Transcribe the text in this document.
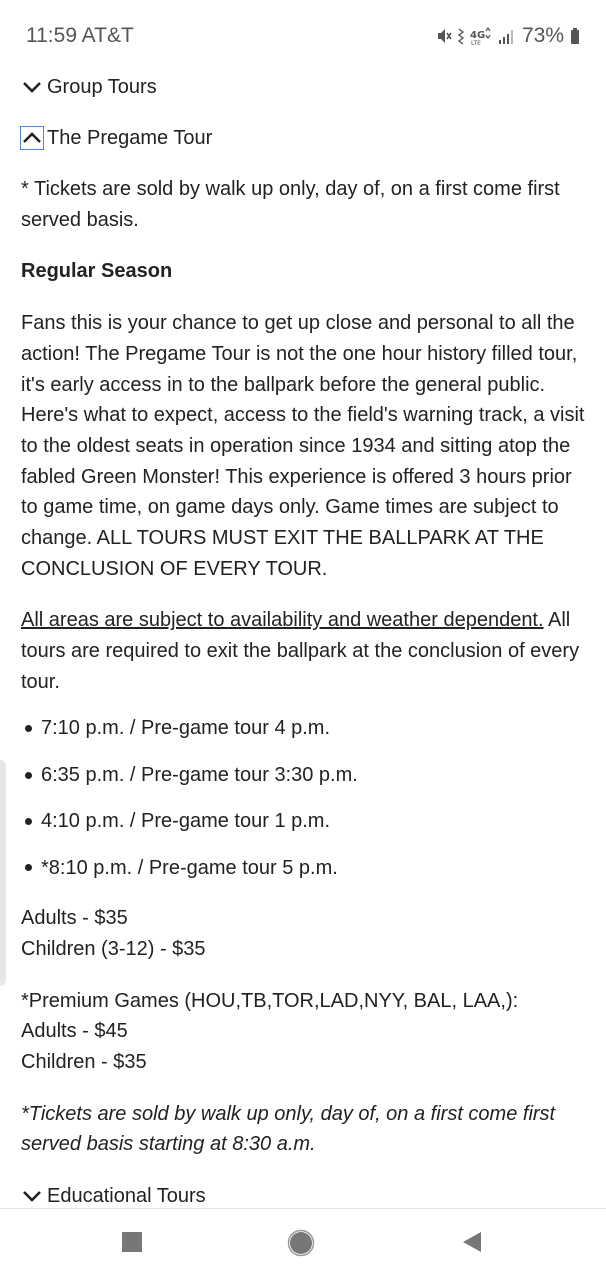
11:59 AT&T	4G
LTE 73%
Group Tours
The Pregame Tour

* Tickets are sold by walk up only, day of, on a first come first served basis.

Regular Season

Fans this is your chance to get up close and personal to all the action! The Pregame Tour is not the one hour history filled tour, it's early access in to the ballpark before the general public. Here's what to expect, access to the field's warning track, a visit to the oldest seats in operation since 1934 and sitting atop the fabled Green Monster! This experience is offered 3 hours prior to game time, on game days only. Game times are subject to change. ALL TOURS MUST EXIT THE BALLPARK AT THE CONCLUSION OF EVERY TOUR.

All areas are subject to availability and weather dependent. All tours are required to exit the ballpark at the conclusion of every tour.

7:10 p.m. / Pre-game tour 4 p.m.
6:35 p.m. / Pre-game tour 3:30 p.m.
4:10 p.m. / Pre-game tour 1 p.m.
*8:10 p.m. / Pre-game tour 5 p.m.

Adults - $35

Children (3-12) - $35

*Premium Games (HOU,TB,TOR,LAD,NYY, BAL, LAA,):

Adults - $45

Children - $35

*Tickets are sold by walk up only, day of, on a first come first served basis starting at 8:30 a.m.

Educational Tours
